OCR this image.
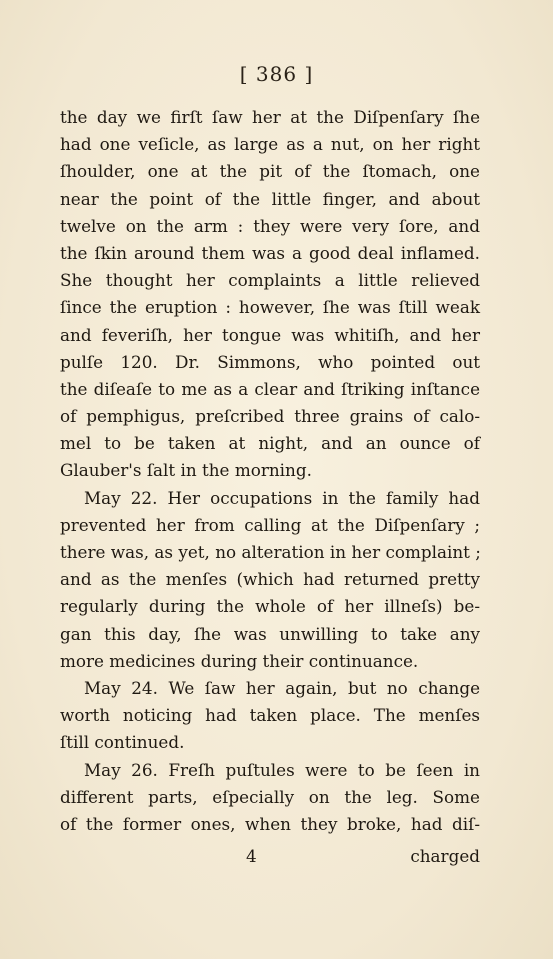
[ 386 ]
the day we firſt ſaw her at the Diſpenſary ſhe
had one veſicle, as large as a nut, on her right
ſhoulder, one at the pit of the ſtomach, one
near the point of the little finger, and about
twelve on the arm : they were very ſore, and
the ſkin around them was a good deal inflamed.
She thought her complaints a little relieved
ſince the eruption : however, ſhe was ſtill weak
and feveriſh, her tongue was whitiſh, and her
pulſe 120. Dr. Simmons, who pointed out
the diſeaſe to me as a clear and ſtriking inſtance
of pemphigus, preſcribed three grains of calo-
mel to be taken at night, and an ounce of
Glauber's ſalt in the morning.
May 22. Her occupations in the family had
prevented her from calling at the Diſpenſary ;
there was, as yet, no alteration in her complaint ;
and as the menſes (which had returned pretty
regularly during the whole of her illneſs) be-
gan this day, ſhe was unwilling to take any
more medicines during their continuance.
May 24. We ſaw her again, but no change
worth noticing had taken place. The menſes
ſtill continued.
May 26. Freſh puſtules were to be ſeen in
different parts, eſpecially on the leg. Some
of the former ones, when they broke, had diſ-
4	charged
